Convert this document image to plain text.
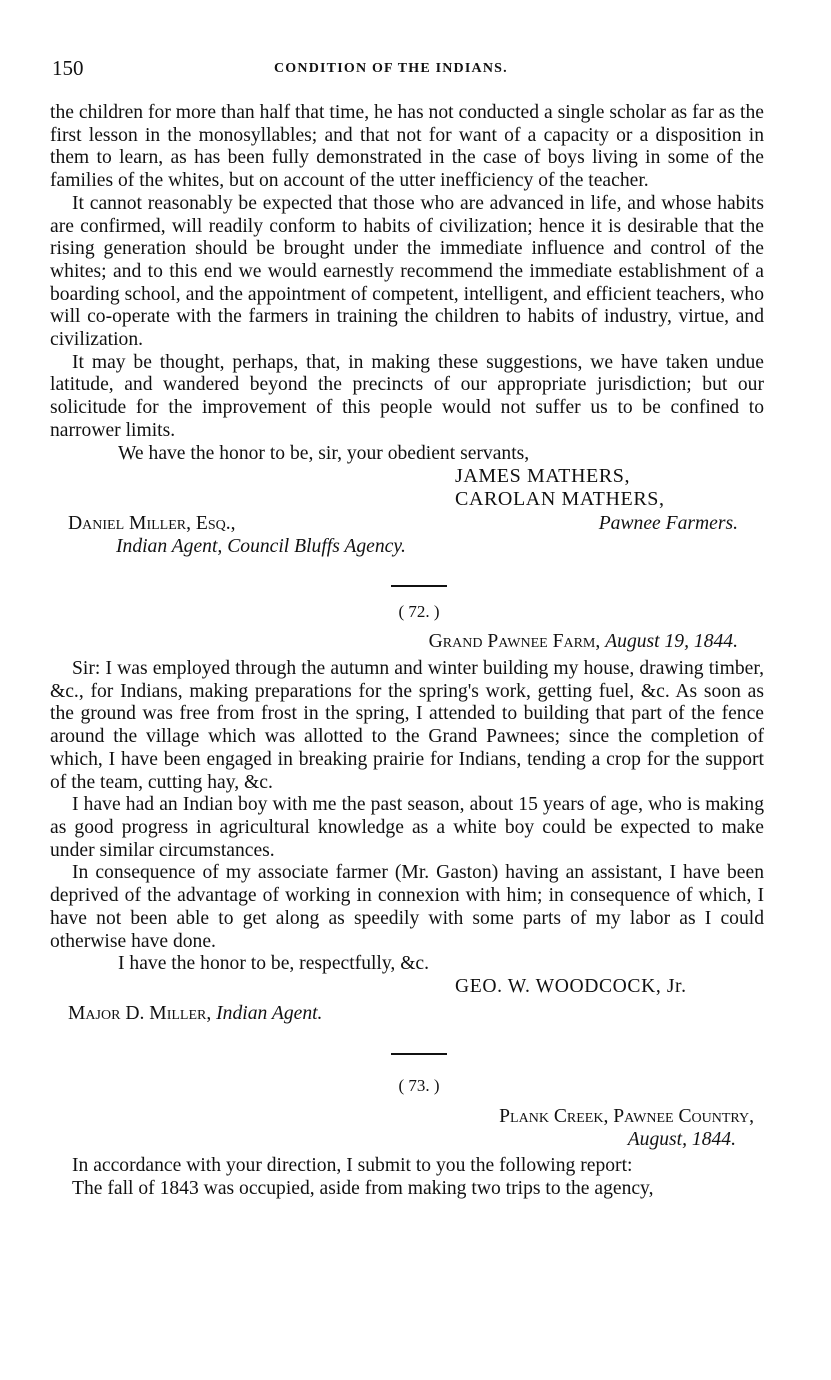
150	CONDITION OF THE INDIANS.

the children for more than half that time, he has not conducted a single scholar as far as the first lesson in the monosyllables; and that not for want of a capacity or a disposition in them to learn, as has been fully demonstrated in the case of boys living in some of the families of the whites, but on account of the utter inefficiency of the teacher.

It cannot reasonably be expected that those who are advanced in life, and whose habits are confirmed, will readily conform to habits of civilization; hence it is desirable that the rising generation should be brought under the immediate influence and control of the whites; and to this end we would earnestly recommend the immediate establishment of a boarding school, and the appointment of competent, intelligent, and efficient teachers, who will co-operate with the farmers in training the children to habits of industry, virtue, and civilization.

It may be thought, perhaps, that, in making these suggestions, we have taken undue latitude, and wandered beyond the precincts of our appropriate jurisdiction; but our solicitude for the improvement of this people would not suffer us to be confined to narrower limits.

We have the honor to be, sir, your obedient servants,

JAMES MATHERS,
CAROLAN MATHERS,
Daniel Miller, Esq.,	Pawnee Farmers.
Indian Agent, Council Bluffs Agency.
( 72. )
Grand Pawnee Farm, August 19, 1844.

Sir: I was employed through the autumn and winter building my house, drawing timber, &c., for Indians, making preparations for the spring's work, getting fuel, &c. As soon as the ground was free from frost in the spring, I attended to building that part of the fence around the village which was allotted to the Grand Pawnees; since the completion of which, I have been engaged in breaking prairie for Indians, tending a crop for the support of the team, cutting hay, &c.

I have had an Indian boy with me the past season, about 15 years of age, who is making as good progress in agricultural knowledge as a white boy could be expected to make under similar circumstances.

In consequence of my associate farmer (Mr. Gaston) having an assistant, I have been deprived of the advantage of working in connexion with him; in consequence of which, I have not been able to get along as speedily with some parts of my labor as I could otherwise have done.

I have the honor to be, respectfully, &c.

GEO. W. WOODCOCK, Jr.
Major D. Miller, Indian Agent.
( 73. )
Plank Creek, Pawnee Country,
August, 1844.

In accordance with your direction, I submit to you the following report:

The fall of 1843 was occupied, aside from making two trips to the agency,
